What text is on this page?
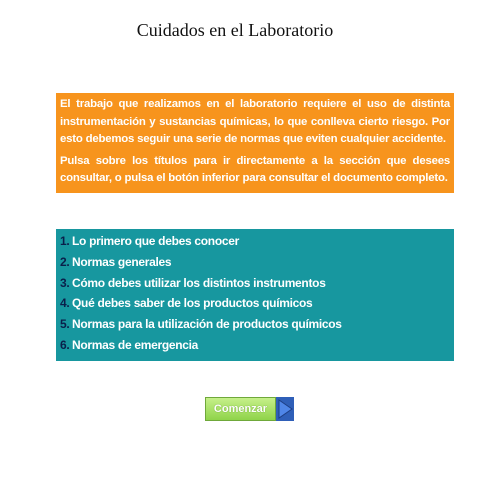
Cuidados en el Laboratorio

El trabajo que realizamos en el laboratorio requiere el uso de distinta instrumentación y sustancias químicas, lo que conlleva cierto riesgo. Por esto debemos seguir una serie de normas que eviten cualquier accidente.

Pulsa sobre los títulos para ir directamente a la sección que desees consultar, o pulsa el botón inferior para consultar el documento completo.

1. Lo primero que debes conocer
2. Normas generales
3. Cómo debes utilizar los distintos instrumentos
4. Qué debes saber de los productos químicos
5. Normas para la utilización de productos químicos
6. Normas de emergencia
Comenzar
